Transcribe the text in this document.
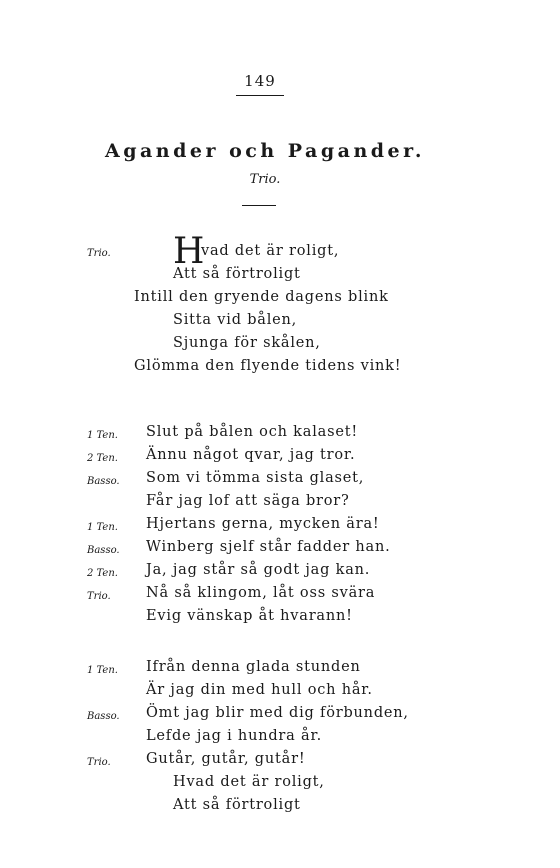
149
Agander och Pagander.
Trio.
Trio. H
vad det är roligt,
Att så förtroligt
Intill den gryende dagens blink
Sitta vid bålen,
Sjunga för skålen,
Glömma den flyende tidens vink!
1 Ten. Slut på bålen och kalaset!
2 Ten. Ännu något qvar, jag tror.
Basso. Som vi tömma sista glaset,
Får jag lof att säga bror?
1 Ten. Hjertans gerna, mycken ära!
Basso. Winberg sjelf står fadder han.
2 Ten. Ja, jag står så godt jag kan.
Trio. Nå så klingom, låt oss svära
Evig vänskap åt hvarann!
1 Ten. Ifrån denna glada stunden
Är jag din med hull och hår.
Basso. Ömt jag blir med dig förbunden,
Lefde jag i hundra år.
Trio. Gutår, gutår, gutår!
Hvad det är roligt,
Att så förtroligt
